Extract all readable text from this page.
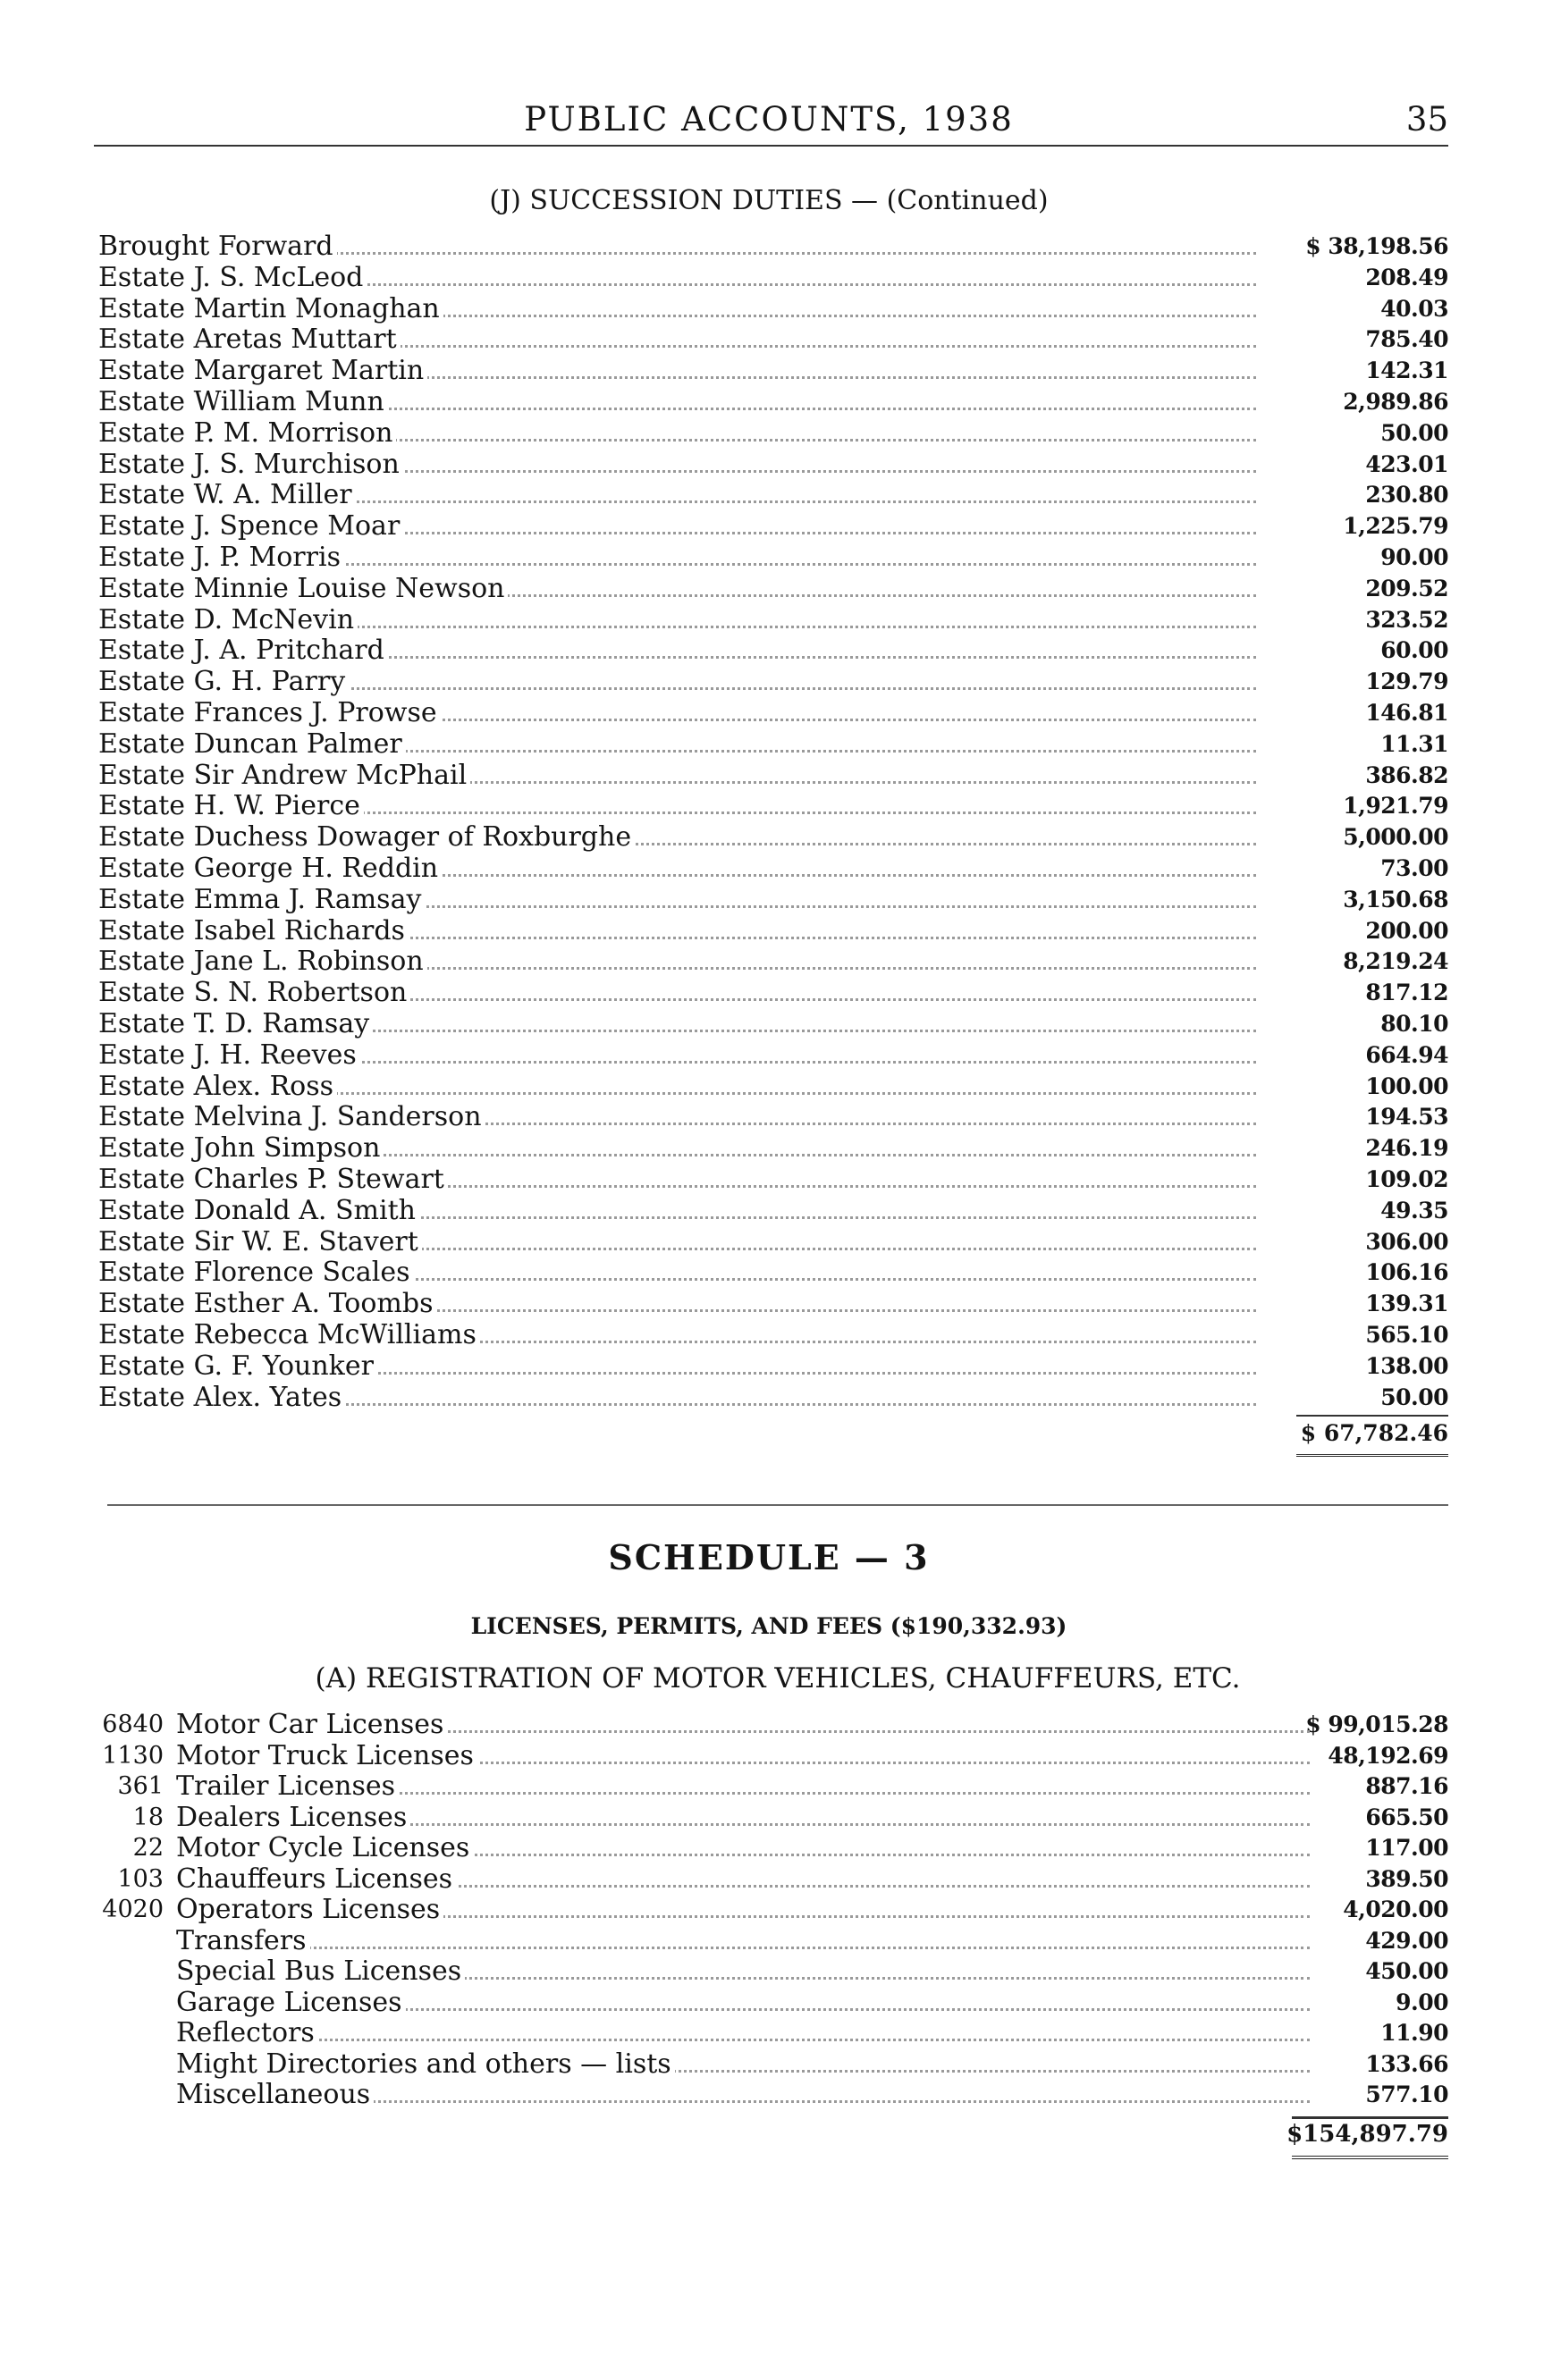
PUBLIC ACCOUNTS, 1938	35
(J) SUCCESSION DUTIES — (Continued)
Brought Forward	$ 38,198.56
Estate J. S. McLeod	208.49
Estate Martin Monaghan	40.03
Estate Aretas Muttart	785.40
Estate Margaret Martin	142.31
Estate William Munn	2,989.86
Estate P. M. Morrison	50.00
Estate J. S. Murchison	423.01
Estate W. A. Miller	230.80
Estate J. Spence Moar	1,225.79
Estate J. P. Morris	90.00
Estate Minnie Louise Newson	209.52
Estate D. McNevin	323.52
Estate J. A. Pritchard	60.00
Estate G. H. Parry	129.79
Estate Frances J. Prowse	146.81
Estate Duncan Palmer	11.31
Estate Sir Andrew McPhail	386.82
Estate H. W. Pierce	1,921.79
Estate Duchess Dowager of Roxburghe	5,000.00
Estate George H. Reddin	73.00
Estate Emma J. Ramsay	3,150.68
Estate Isabel Richards	200.00
Estate Jane L. Robinson	8,219.24
Estate S. N. Robertson	817.12
Estate T. D. Ramsay	80.10
Estate J. H. Reeves	664.94
Estate Alex. Ross	100.00
Estate Melvina J. Sanderson	194.53
Estate John Simpson	246.19
Estate Charles P. Stewart	109.02
Estate Donald A. Smith	49.35
Estate Sir W. E. Stavert	306.00
Estate Florence Scales	106.16
Estate Esther A. Toombs	139.31
Estate Rebecca McWilliams	565.10
Estate G. F. Younker	138.00
Estate Alex. Yates	50.00
$ 67,782.46
SCHEDULE — 3
LICENSES, PERMITS, AND FEES ($190,332.93)
(A) REGISTRATION OF MOTOR VEHICLES, CHAUFFEURS, ETC.
6840 Motor Car Licenses	$ 99,015.28
1130 Motor Truck Licenses	48,192.69
361 Trailer Licenses	887.16
18 Dealers Licenses	665.50
22 Motor Cycle Licenses	117.00
103 Chauffeurs Licenses	389.50
4020 Operators Licenses	4,020.00
Transfers	429.00
Special Bus Licenses	450.00
Garage Licenses	9.00
Reflectors	11.90
Might Directories and others — lists	133.66
Miscellaneous	577.10
$154,897.79
